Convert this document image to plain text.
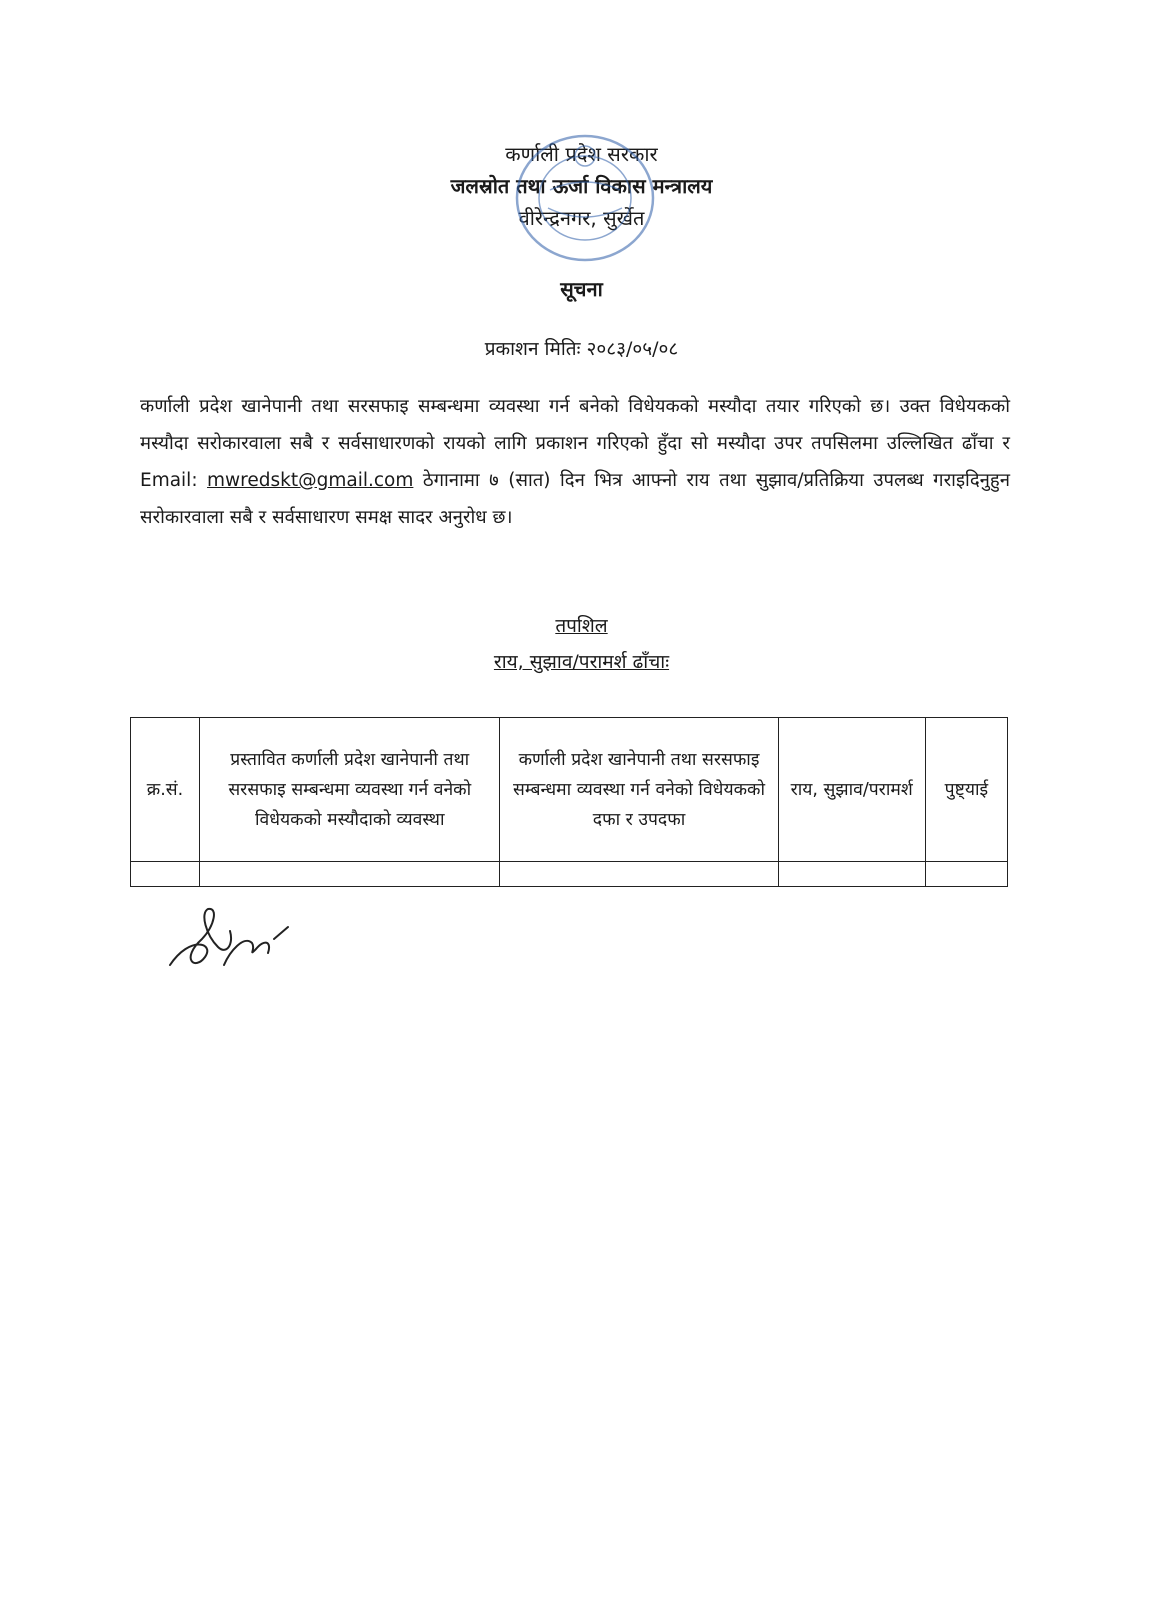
कर्णाली प्रदेश सरकार
जलस्रोत तथा ऊर्जा विकास मन्त्रालय
वीरेन्द्रनगर, सुर्खेत
सूचना
प्रकाशन मितिः २०८३/०५/०८
कर्णाली प्रदेश खानेपानी तथा सरसफाइ सम्बन्धमा व्यवस्था गर्न बनेको विधेयकको मस्यौदा तयार गरिएको छ। उक्त विधेयकको मस्यौदा सरोकारवाला सबै र सर्वसाधारणको रायको लागि प्रकाशन गरिएको हुँदा सो मस्यौदा उपर तपसिलमा उल्लिखित ढाँचा र Email: mwredskt@gmail.com ठेगानामा ७ (सात) दिन भित्र आफ्नो राय तथा सुझाव/प्रतिक्रिया उपलब्ध गराइदिनुहुन सरोकारवाला सबै र सर्वसाधारण समक्ष सादर अनुरोध छ।
तपशिल
राय, सुझाव/परामर्श ढाँचाः
क्र.सं.	प्रस्तावित कर्णाली प्रदेश खानेपानी तथा सरसफाइ सम्बन्धमा व्यवस्था गर्न वनेको विधेयकको मस्यौदाको व्यवस्था	कर्णाली प्रदेश खानेपानी तथा सरसफाइ सम्बन्धमा व्यवस्था गर्न वनेको विधेयकको दफा र उपदफा	राय, सुझाव/परामर्श	पुष्ट्याई
